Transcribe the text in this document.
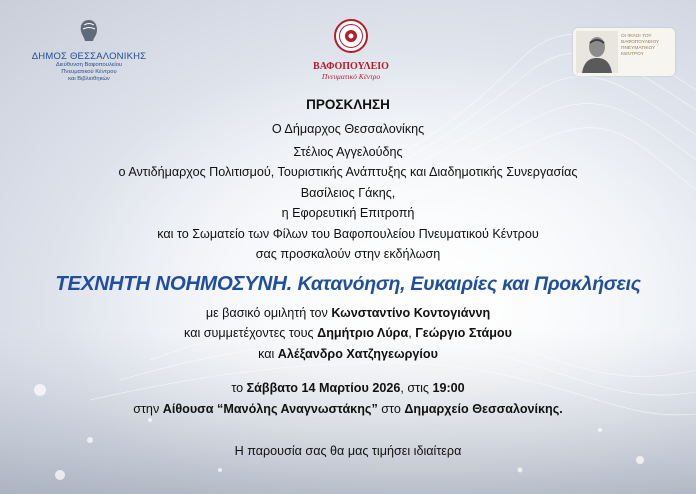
ΔΗΜΟΣ ΘΕΣΣΑΛΟΝΙΚΗΣ
Διεύθυνση Βαφοπουλείου
Πνευματικού Κέντρου
και Βιβλιοθηκών
ΒΑΦΟΠΟΥΛΕΙΟ
Πνευματικό Κέντρο
ΟΙ ΦΙΛΟΙ ΤΟΥ
ΒΑΦΟΠΟΥΛΕΙΟΥ
ΠΝΕΥΜΑΤΙΚΟΥ
ΚΕΝΤΡΟΥ
ΠΡΟΣΚΛΗΣΗ
Ο Δήμαρχος Θεσσαλονίκης
Στέλιος Αγγελούδης
ο Αντιδήμαρχος Πολιτισμού, Τουριστικής Ανάπτυξης και Διαδημοτικής Συνεργασίας
Βασίλειος Γάκης,
η Εφορευτική Επιτροπή
και το Σωματείο των Φίλων του Βαφοπουλείου Πνευματικού Κέντρου
σας προσκαλούν στην εκδήλωση
ΤΕΧΝΗΤΗ ΝΟΗΜΟΣΥΝΗ. Κατανόηση, Ευκαιρίες και Προκλήσεις
με βασικό ομιλητή τον Κωνσταντίνο Κοντογιάννη
και συμμετέχοντες τους Δημήτριο Λύρα, Γεώργιο Στάμου
και Αλέξανδρο Χατζηγεωργίου
το Σάββατο 14 Μαρτίου 2026, στις 19:00
στην Αίθουσα “Μανόλης Αναγνωστάκης” στο Δημαρχείο Θεσσαλονίκης.
Η παρουσία σας θα μας τιμήσει ιδιαίτερα
